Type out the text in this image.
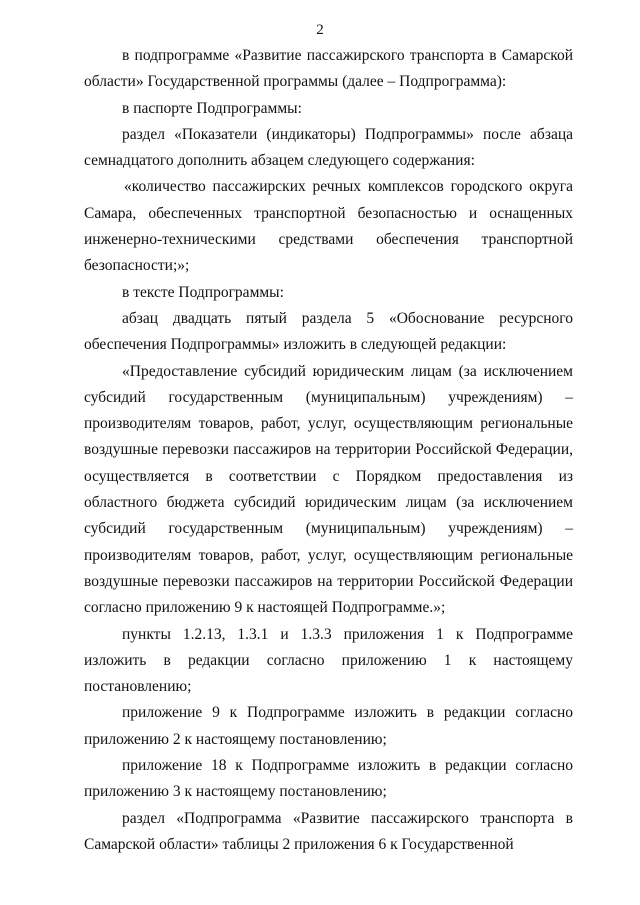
2

в подпрограмме «Развитие пассажирского транспорта в Самарской области» Государственной программы (далее – Подпрограмма):

в паспорте Подпрограммы:

раздел «Показатели (индикаторы) Подпрограммы» после абзаца семнадцатого дополнить абзацем следующего содержания:

«количество пассажирских речных комплексов городского округа Самара, обеспеченных транспортной безопасностью и оснащенных инженерно-техническими средствами обеспечения транспортной безопасности;»;

в тексте Подпрограммы:

абзац двадцать пятый раздела 5 «Обоснование ресурсного обеспечения Подпрограммы» изложить в следующей редакции:

«Предоставление субсидий юридическим лицам (за исключением субсидий государственным (муниципальным) учреждениям) – производителям товаров, работ, услуг, осуществляющим региональные воздушные перевозки пассажиров на территории Российской Федерации, осуществляется в соответствии с Порядком предоставления из областного бюджета субсидий юридическим лицам (за исключением субсидий государственным (муниципальным) учреждениям) – производителям товаров, работ, услуг, осуществляющим региональные воздушные перевозки пассажиров на территории Российской Федерации согласно приложению 9 к настоящей Подпрограмме.»;

пункты 1.2.13, 1.3.1 и 1.3.3 приложения 1 к Подпрограмме изложить в редакции согласно приложению 1 к настоящему постановлению;

приложение 9 к Подпрограмме изложить в редакции согласно приложению 2 к настоящему постановлению;

приложение 18 к Подпрограмме изложить в редакции согласно приложению 3 к настоящему постановлению;

раздел «Подпрограмма «Развитие пассажирского транспорта в Самарской области» таблицы 2 приложения 6 к Государственной
